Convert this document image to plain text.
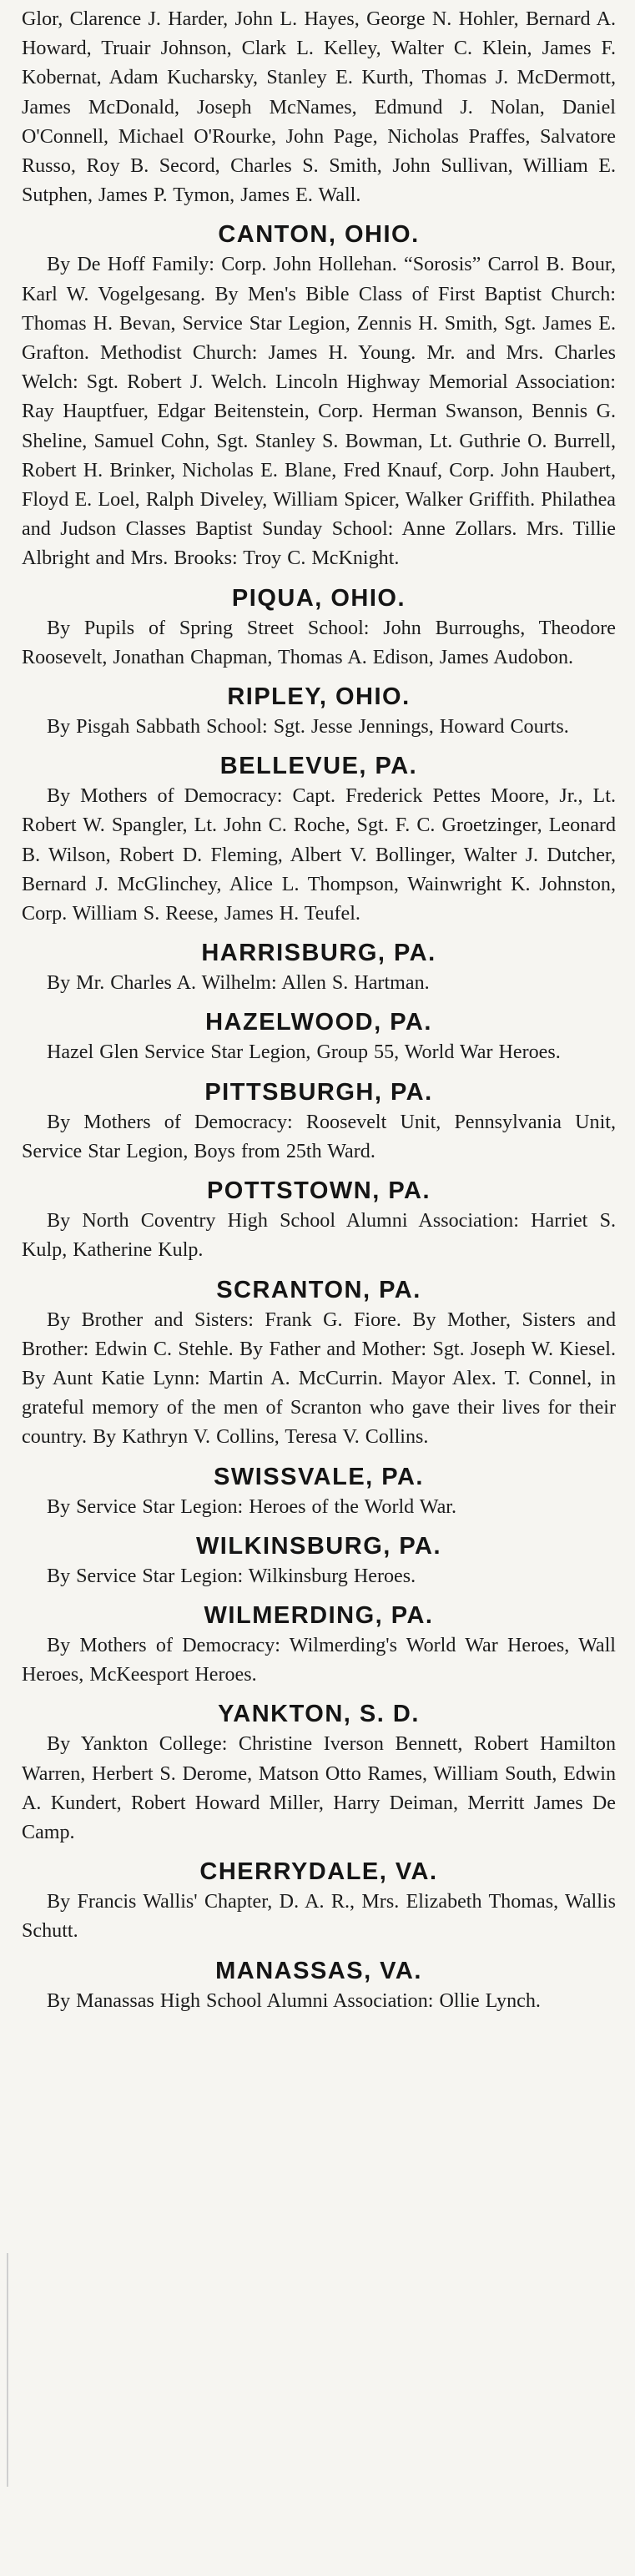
Glor, Clarence J. Harder, John L. Hayes, George N. Hohler, Bernard A. Howard, Truair Johnson, Clark L. Kelley, Walter C. Klein, James F. Kobernat, Adam Kucharsky, Stanley E. Kurth, Thomas J. McDermott, James McDonald, Joseph McNames, Edmund J. Nolan, Daniel O'Connell, Michael O'Rourke, John Page, Nicholas Praffes, Salvatore Russo, Roy B. Secord, Charles S. Smith, John Sullivan, William E. Sutphen, James P. Tymon, James E. Wall.

CANTON, OHIO.

By De Hoff Family: Corp. John Hollehan. “Sorosis” Carrol B. Bour, Karl W. Vogelgesang. By Men's Bible Class of First Baptist Church: Thomas H. Bevan, Service Star Legion, Zennis H. Smith, Sgt. James E. Grafton. Methodist Church: James H. Young. Mr. and Mrs. Charles Welch: Sgt. Robert J. Welch. Lincoln Highway Memorial Association: Ray Hauptfuer, Edgar Beitenstein, Corp. Herman Swanson, Bennis G. Sheline, Samuel Cohn, Sgt. Stanley S. Bowman, Lt. Guthrie O. Burrell, Robert H. Brinker, Nicholas E. Blane, Fred Knauf, Corp. John Haubert, Floyd E. Loel, Ralph Diveley, William Spicer, Walker Griffith. Philathea and Judson Classes Baptist Sunday School: Anne Zollars. Mrs. Tillie Albright and Mrs. Brooks: Troy C. McKnight.

PIQUA, OHIO.

By Pupils of Spring Street School: John Burroughs, Theodore Roosevelt, Jonathan Chapman, Thomas A. Edison, James Audobon.

RIPLEY, OHIO.

By Pisgah Sabbath School: Sgt. Jesse Jennings, Howard Courts.

BELLEVUE, PA.

By Mothers of Democracy: Capt. Frederick Pettes Moore, Jr., Lt. Robert W. Spangler, Lt. John C. Roche, Sgt. F. C. Groetzinger, Leonard B. Wilson, Robert D. Fleming, Albert V. Bollinger, Walter J. Dutcher, Bernard J. McGlinchey, Alice L. Thompson, Wainwright K. Johnston, Corp. William S. Reese, James H. Teufel.

HARRISBURG, PA.

By Mr. Charles A. Wilhelm: Allen S. Hartman.

HAZELWOOD, PA.

Hazel Glen Service Star Legion, Group 55, World War Heroes.

PITTSBURGH, PA.

By Mothers of Democracy: Roosevelt Unit, Pennsylvania Unit, Service Star Legion, Boys from 25th Ward.

POTTSTOWN, PA.

By North Coventry High School Alumni Association: Harriet S. Kulp, Katherine Kulp.

SCRANTON, PA.

By Brother and Sisters: Frank G. Fiore. By Mother, Sisters and Brother: Edwin C. Stehle. By Father and Mother: Sgt. Joseph W. Kiesel. By Aunt Katie Lynn: Martin A. McCurrin. Mayor Alex. T. Connel, in grateful memory of the men of Scranton who gave their lives for their country. By Kathryn V. Collins, Teresa V. Collins.

SWISSVALE, PA.

By Service Star Legion: Heroes of the World War.

WILKINSBURG, PA.

By Service Star Legion: Wilkinsburg Heroes.

WILMERDING, PA.

By Mothers of Democracy: Wilmerding's World War Heroes, Wall Heroes, McKeesport Heroes.

YANKTON, S. D.

By Yankton College: Christine Iverson Bennett, Robert Hamilton Warren, Herbert S. Derome, Matson Otto Rames, William South, Edwin A. Kundert, Robert Howard Miller, Harry Deiman, Merritt James De Camp.

CHERRYDALE, VA.

By Francis Wallis' Chapter, D. A. R., Mrs. Elizabeth Thomas, Wallis Schutt.

MANASSAS, VA.

By Manassas High School Alumni Association: Ollie Lynch.
